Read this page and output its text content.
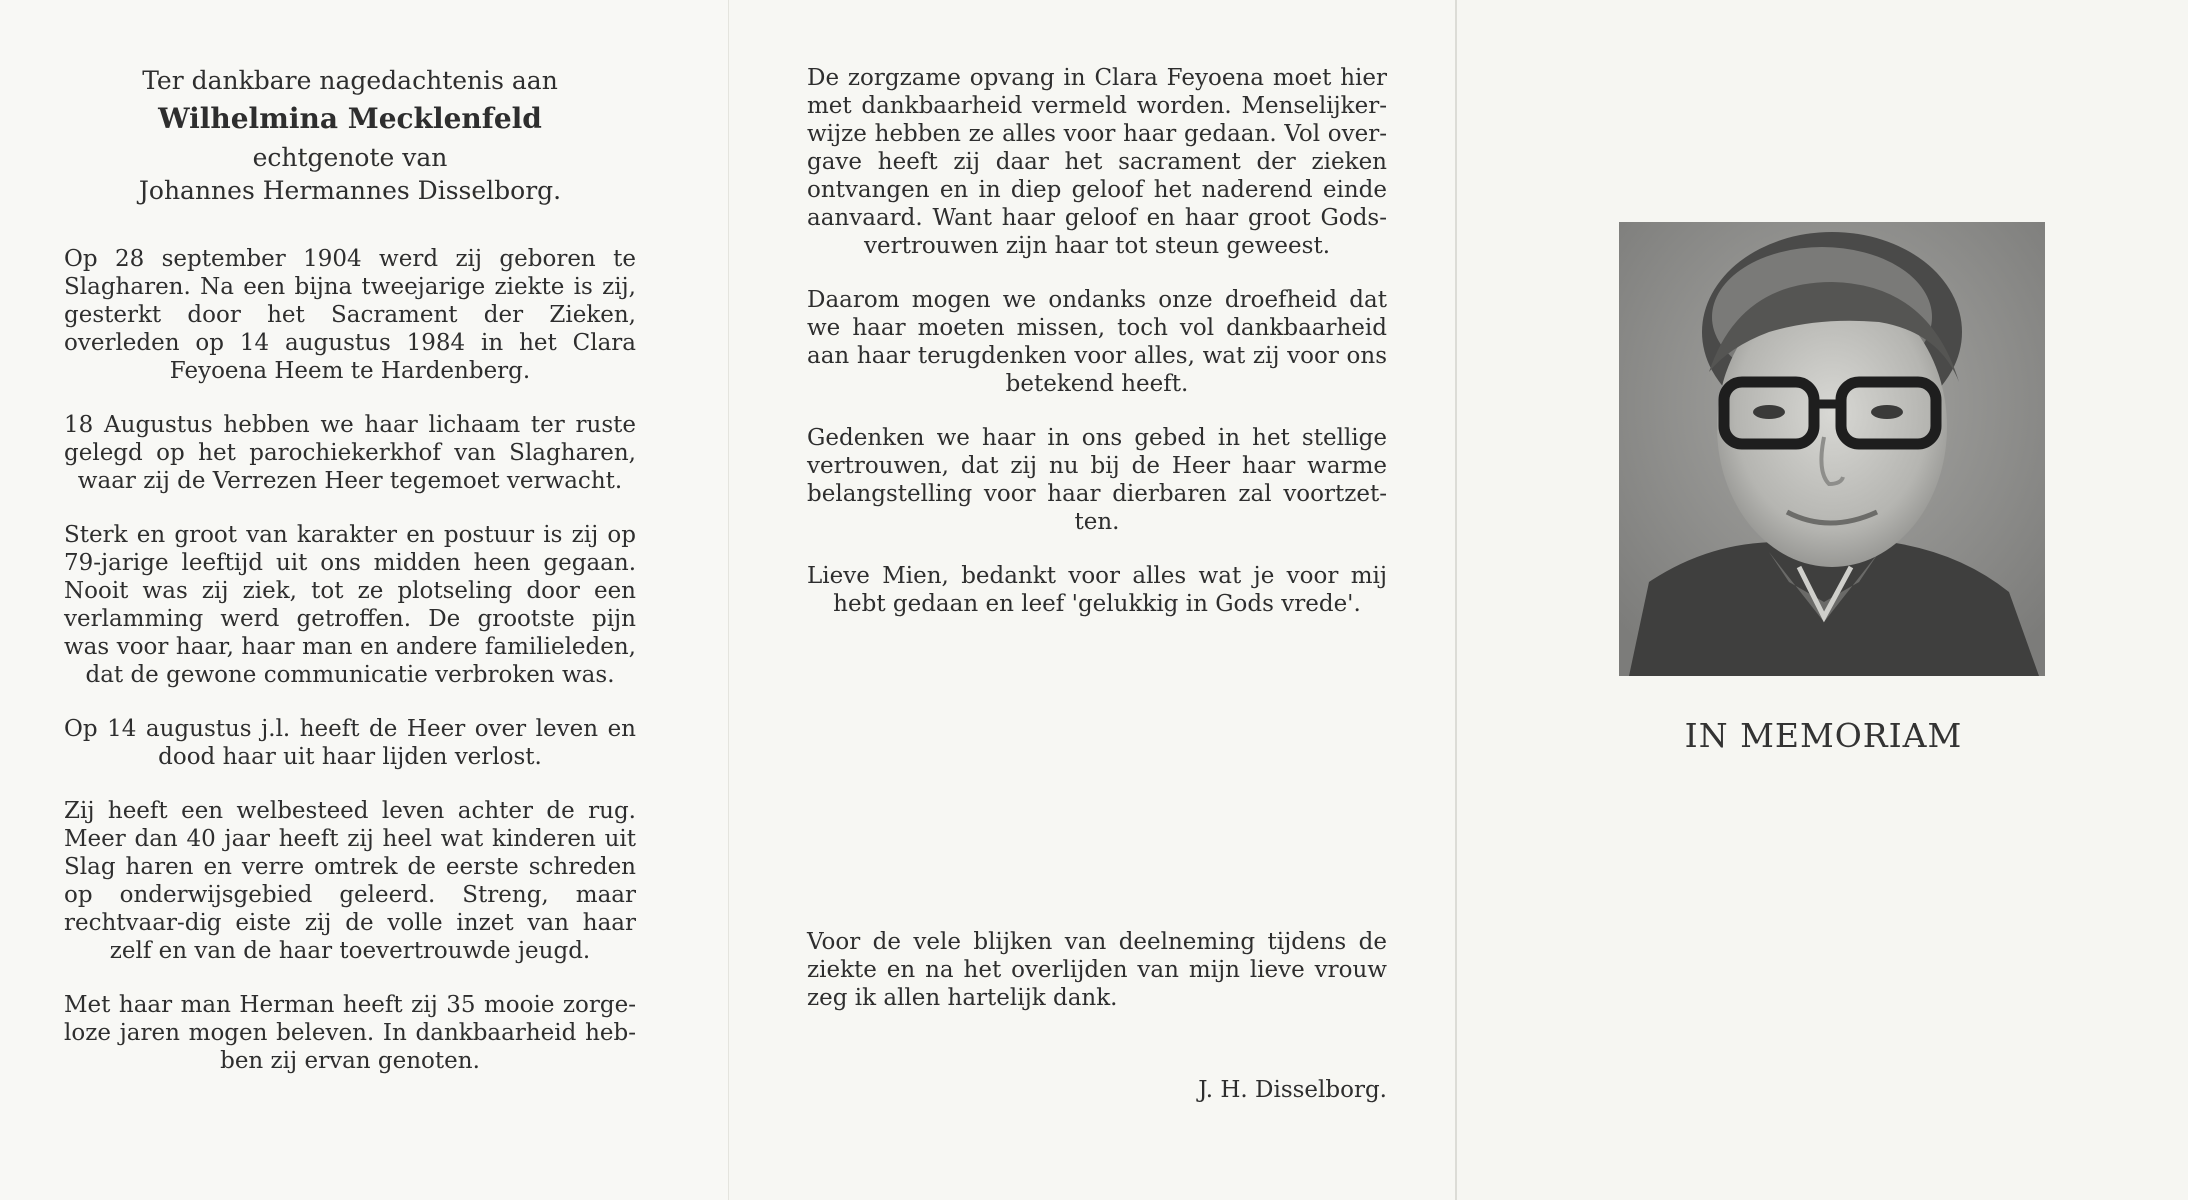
Ter dankbare nagedachtenis aan

Wilhelmina Mecklenfeld

echtgenote van

Johannes Hermannes Disselborg.

Op 28 september 1904 werd zij geboren te Slagharen. Na een bijna tweejarige ziekte is zij, gesterkt door het Sacrament der Zieken, overleden op 14 augustus 1984 in het Clara Feyoena Heem te Hardenberg.

18 Augustus hebben we haar lichaam ter ruste gelegd op het parochiekerkhof van Slagharen, waar zij de Verrezen Heer tegemoet verwacht.

Sterk en groot van karakter en postuur is zij op 79-jarige leeftijd uit ons midden heen gegaan. Nooit was zij ziek, tot ze plotseling door een verlamming werd getroffen. De grootste pijn was voor haar, haar man en andere familieleden, dat de gewone communicatie verbroken was.

Op 14 augustus j.l. heeft de Heer over leven en dood haar uit haar lijden verlost.

Zij heeft een welbesteed leven achter de rug. Meer dan 40 jaar heeft zij heel wat kinderen uit Slag haren en verre omtrek de eerste schreden op onderwijsgebied geleerd. Streng, maar rechtvaar-dig eiste zij de volle inzet van haar zelf en van de haar toevertrouwde jeugd.

Met haar man Herman heeft zij 35 mooie zorge-loze jaren mogen beleven. In dankbaarheid heb-ben zij ervan genoten.

De zorgzame opvang in Clara Feyoena moet hier met dankbaarheid vermeld worden. Menselijker-wijze hebben ze alles voor haar gedaan. Vol over-gave heeft zij daar het sacrament der zieken ontvangen en in diep geloof het naderend einde aanvaard. Want haar geloof en haar groot Gods-vertrouwen zijn haar tot steun geweest.

Daarom mogen we ondanks onze droefheid dat we haar moeten missen, toch vol dankbaarheid aan haar terugdenken voor alles, wat zij voor ons betekend heeft.

Gedenken we haar in ons gebed in het stellige vertrouwen, dat zij nu bij de Heer haar warme belangstelling voor haar dierbaren zal voortzet-ten.

Lieve Mien, bedankt voor alles wat je voor mij hebt gedaan en leef 'gelukkig in Gods vrede'.

Voor de vele blijken van deelneming tijdens de ziekte en na het overlijden van mijn lieve vrouw zeg ik allen hartelijk dank.

J. H. Disselborg.
IN MEMORIAM
